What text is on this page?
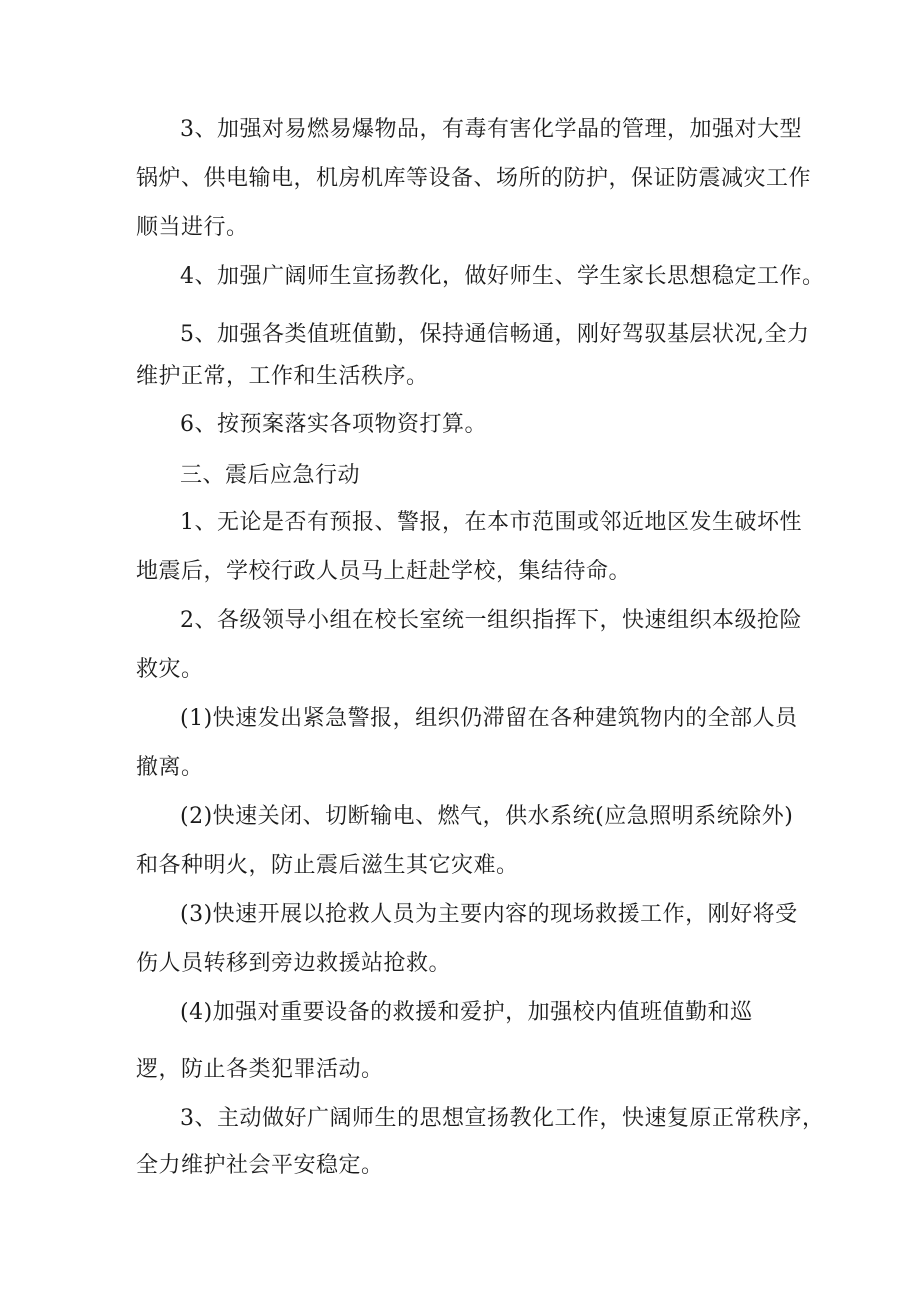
3、加强对易燃易爆物品，有毒有害化学晶的管理，加强对大型

锅炉、供电输电，机房机库等设备、场所的防护，保证防震减灾工作

顺当进行。

4、加强广阔师生宣扬教化，做好师生、学生家长思想稳定工作。

5、加强各类值班值勤，保持通信畅通，刚好驾驭基层状况,全力

维护正常，工作和生活秩序。

6、按预案落实各项物资打算。

三、震后应急行动

1、无论是否有预报、警报，在本市范围或邻近地区发生破坏性

地震后，学校行政人员马上赶赴学校，集结待命。

2、各级领导小组在校长室统一组织指挥下，快速组织本级抢险

救灾。

(1)快速发出紧急警报，组织仍滞留在各种建筑物内的全部人员

撤离。

(2)快速关闭、切断输电、燃气，供水系统(应急照明系统除外)

和各种明火，防止震后滋生其它灾难。

(3)快速开展以抢救人员为主要内容的现场救援工作，刚好将受

伤人员转移到旁边救援站抢救。

(4)加强对重要设备的救援和爱护，加强校内值班值勤和巡

逻，防止各类犯罪活动。

3、主动做好广阔师生的思想宣扬教化工作，快速复原正常秩序，

全力维护社会平安稳定。
